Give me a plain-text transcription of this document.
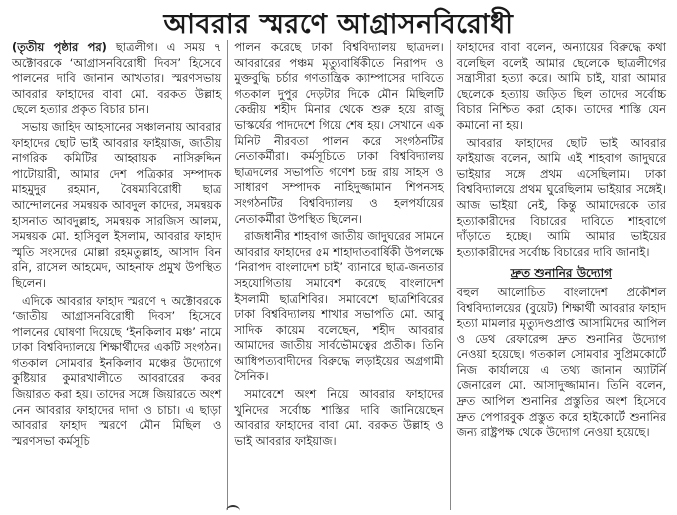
আবরার স্মরণে আগ্রাসনবিরোধী

(তৃতীয় পৃষ্ঠার পর) ছাত্রলীগ। এ সময় ৭ অক্টোবরকে ‘আগ্রাসনবিরোধী দিবস’ হিসেবে পালনের দাবি জানান আখতার। স্মরণসভায় আবরার ফাহাদের বাবা মো. বরকত উল্লাহ ছেলে হত্যার প্রকৃত বিচার চান।

সভায় জাহিদ আহসানের সঞ্চালনায় আবরার ফাহাদের ছোট ভাই আবরার ফাইয়াজ, জাতীয় নাগরিক কমিটির আহ্বায়ক নাসিরুদ্দিন পাটোয়ারী, আমার দেশ পত্রিকার সম্পাদক মাহমুদুর রহমান, বৈষম্যবিরোধী ছাত্র আন্দোলনের সমন্বয়ক আবদুল কাদের, সমন্বয়ক হাসনাত আবদুল্লাহ, সমন্বয়ক সারজিস আলম, সমন্বয়ক মো. হাসিবুল ইসলাম, আবরার ফাহাদ স্মৃতি সংসদের মোল্লা রহমতুল্লাহ, আসাদ বিন রনি, রাসেল আহমেদ, আহনাফ প্রমুখ উপস্থিত ছিলেন।

এদিকে আবরার ফাহাদ স্মরণে ৭ অক্টোবরকে ‘জাতীয় আগ্রাসনবিরোধী দিবস’ হিসেবে পালনের ঘোষণা দিয়েছে ‘ইনকিলাব মঞ্চ’ নামে ঢাকা বিশ্ববিদ্যালয়ে শিক্ষার্থীদের একটি সংগঠন। গতকাল সোমবার ইনকিলাব মঞ্চের উদ্যোগে কুষ্টিয়ার কুমারখালীতে আবরারের কবর জিয়ারত করা হয়। তাদের সঙ্গে জিয়ারতে অংশ নেন আবরার ফাহাদের দাদা ও চাচা। এ ছাড়া আবরার ফাহাদ স্মরণে মৌন মিছিল ও স্মরণসভা কর্মসূচি

পালন করেছে ঢাকা বিশ্ববিদ্যালয় ছাত্রদল। আবরারের পঞ্চম মৃত্যুবার্ষিকীতে নিরাপদ ও মুক্তবুদ্ধি চর্চার গণতান্ত্রিক ক্যাম্পাসের দাবিতে গতকাল দুপুর দেড়টার দিকে মৌন মিছিলটি কেন্দ্রীয় শহীদ মিনার থেকে শুরু হয়ে রাজু ভাস্কর্যের পাদদেশে গিয়ে শেষ হয়। সেখানে এক মিনিট নীরবতা পালন করে সংগঠনটির নেতাকর্মীরা। কর্মসূচিতে ঢাকা বিশ্ববিদ্যালয় ছাত্রদলের সভাপতি গণেশ চন্দ্র রায় সাহস ও সাধারণ সম্পাদক নাহিদুজ্জামান শিপনসহ সংগঠনটির বিশ্ববিদ্যালয় ও হলপর্যায়ের নেতাকর্মীরা উপস্থিত ছিলেন।

রাজধানীর শাহবাগ জাতীয় জাদুঘরের সামনে আবরার ফাহাদের ৫ম শাহাদাতবার্ষিকী উপলক্ষে ‘নিরাপদ বাংলাদেশ চাই’ ব্যানারে ছাত্র-জনতার সহযোগিতায় সমাবেশ করেছে বাংলাদেশ ইসলামী ছাত্রশিবির। সমাবেশে ছাত্রশিবিরের ঢাকা বিশ্ববিদ্যালয় শাখার সভাপতি মো. আবু সাদিক কায়েম বলেছেন, শহীদ আবরার আমাদের জাতীয় সার্বভৌমত্বের প্রতীক। তিনি আধিপত্যবাদীদের বিরুদ্ধে লড়াইয়ের অগ্রগামী সৈনিক।

সমাবেশে অংশ নিয়ে আবরার ফাহাদের খুনিদের সর্বোচ্চ শাস্তির দাবি জানিয়েছেন আবরার ফাহাদের বাবা মো. বরকত উল্লাহ ও ভাই আবরার ফাইয়াজ।

ফাহাদের বাবা বলেন, অন্যায়ের বিরুদ্ধে কথা বলেছিল বলেই আমার ছেলেকে ছাত্রলীগের সন্ত্রাসীরা হত্যা করে। আমি চাই, যারা আমার ছেলেকে হত্যায় জড়িত ছিল তাদের সর্বোচ্চ বিচার নিশ্চিত করা হোক। তাদের শাস্তি যেন কমানো না হয়।

আবরার ফাহাদের ছোট ভাই আবরার ফাইয়াজ বলেন, আমি এই শাহবাগ জাদুঘরে ভাইয়ার সঙ্গে প্রথম এসেছিলাম। ঢাকা বিশ্ববিদ্যালয়ে প্রথম ঘুরেছিলাম ভাইয়ার সঙ্গেই। আজ ভাইয়া নেই, কিন্তু আমাদেরকে তার হত্যাকারীদের বিচারের দাবিতে শাহবাগে দাঁড়াতে হচ্ছে। আমি আমার ভাইয়ের হত্যাকারীদের সর্বোচ্চ বিচারের দাবি জানাই।

দ্রুত শুনানির উদ্যোগ

বহুল আলোচিত বাংলাদেশ প্রকৌশল বিশ্ববিদ্যালয়ের (বুয়েট) শিক্ষার্থী আবরার ফাহাদ হত্যা মামলার মৃত্যুদণ্ডপ্রাপ্ত আসামিদের আপিল ও ডেথ রেফারেন্স দ্রুত শুনানির উদ্যোগ নেওয়া হয়েছে। গতকাল সোমবার সুপ্রিমকোর্টে নিজ কার্যালয়ে এ তথ্য জানান অ্যাটর্নি জেনারেল মো. আসাদুজ্জামান। তিনি বলেন, দ্রুত আপিল শুনানির প্রস্তুতির অংশ হিসেবে দ্রুত পেপারবুক প্রস্তুত করে হাইকোর্টে শুনানির জন্য রাষ্ট্রপক্ষ থেকে উদ্যোগ নেওয়া হয়েছে।
